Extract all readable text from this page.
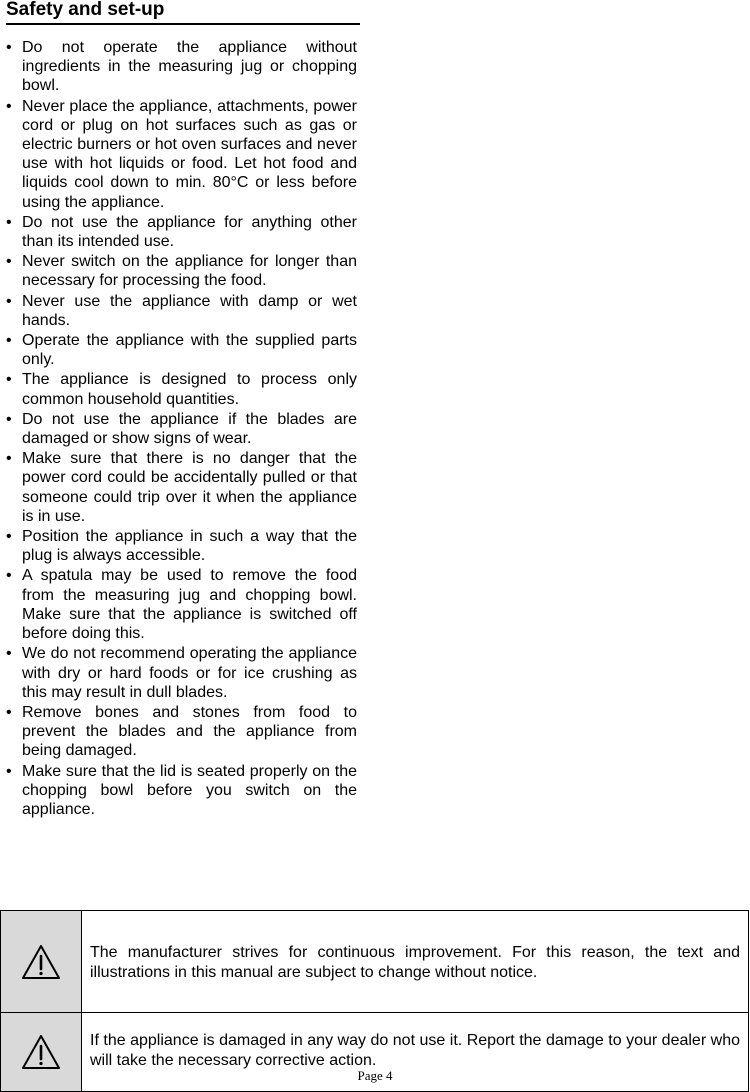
Safety and set-up
• Do not operate the appliance without ingredients in the measuring jug or chopping bowl.
• Never place the appliance, attachments, power cord or plug on hot surfaces such as gas or electric burners or hot oven surfaces and never use with hot liquids or food. Let hot food and liquids cool down to min. 80°C or less before using the appliance.
• Do not use the appliance for anything other than its intended use.
• Never switch on the appliance for longer than necessary for processing the food.
• Never use the appliance with damp or wet hands.
• Operate the appliance with the supplied parts only.
• The appliance is designed to process only common household quantities.
• Do not use the appliance if the blades are damaged or show signs of wear.
• Make sure that there is no danger that the power cord could be accidentally pulled or that someone could trip over it when the appliance is in use.
• Position the appliance in such a way that the plug is always accessible.
• A spatula may be used to remove the food from the measuring jug and chopping bowl. Make sure that the appliance is switched off before doing this.
• We do not recommend operating the appliance with dry or hard foods or for ice crushing as this may result in dull blades.
• Remove bones and stones from food to prevent the blades and the appliance from being damaged.
• Make sure that the lid is seated properly on the chopping bowl before you switch on the appliance.
	The manufacturer strives for continuous improvement. For this reason, the text and illustrations in this manual are subject to change without notice.

	If the appliance is damaged in any way do not use it. Report the damage to your dealer who will take the necessary corrective action.
Page 4
